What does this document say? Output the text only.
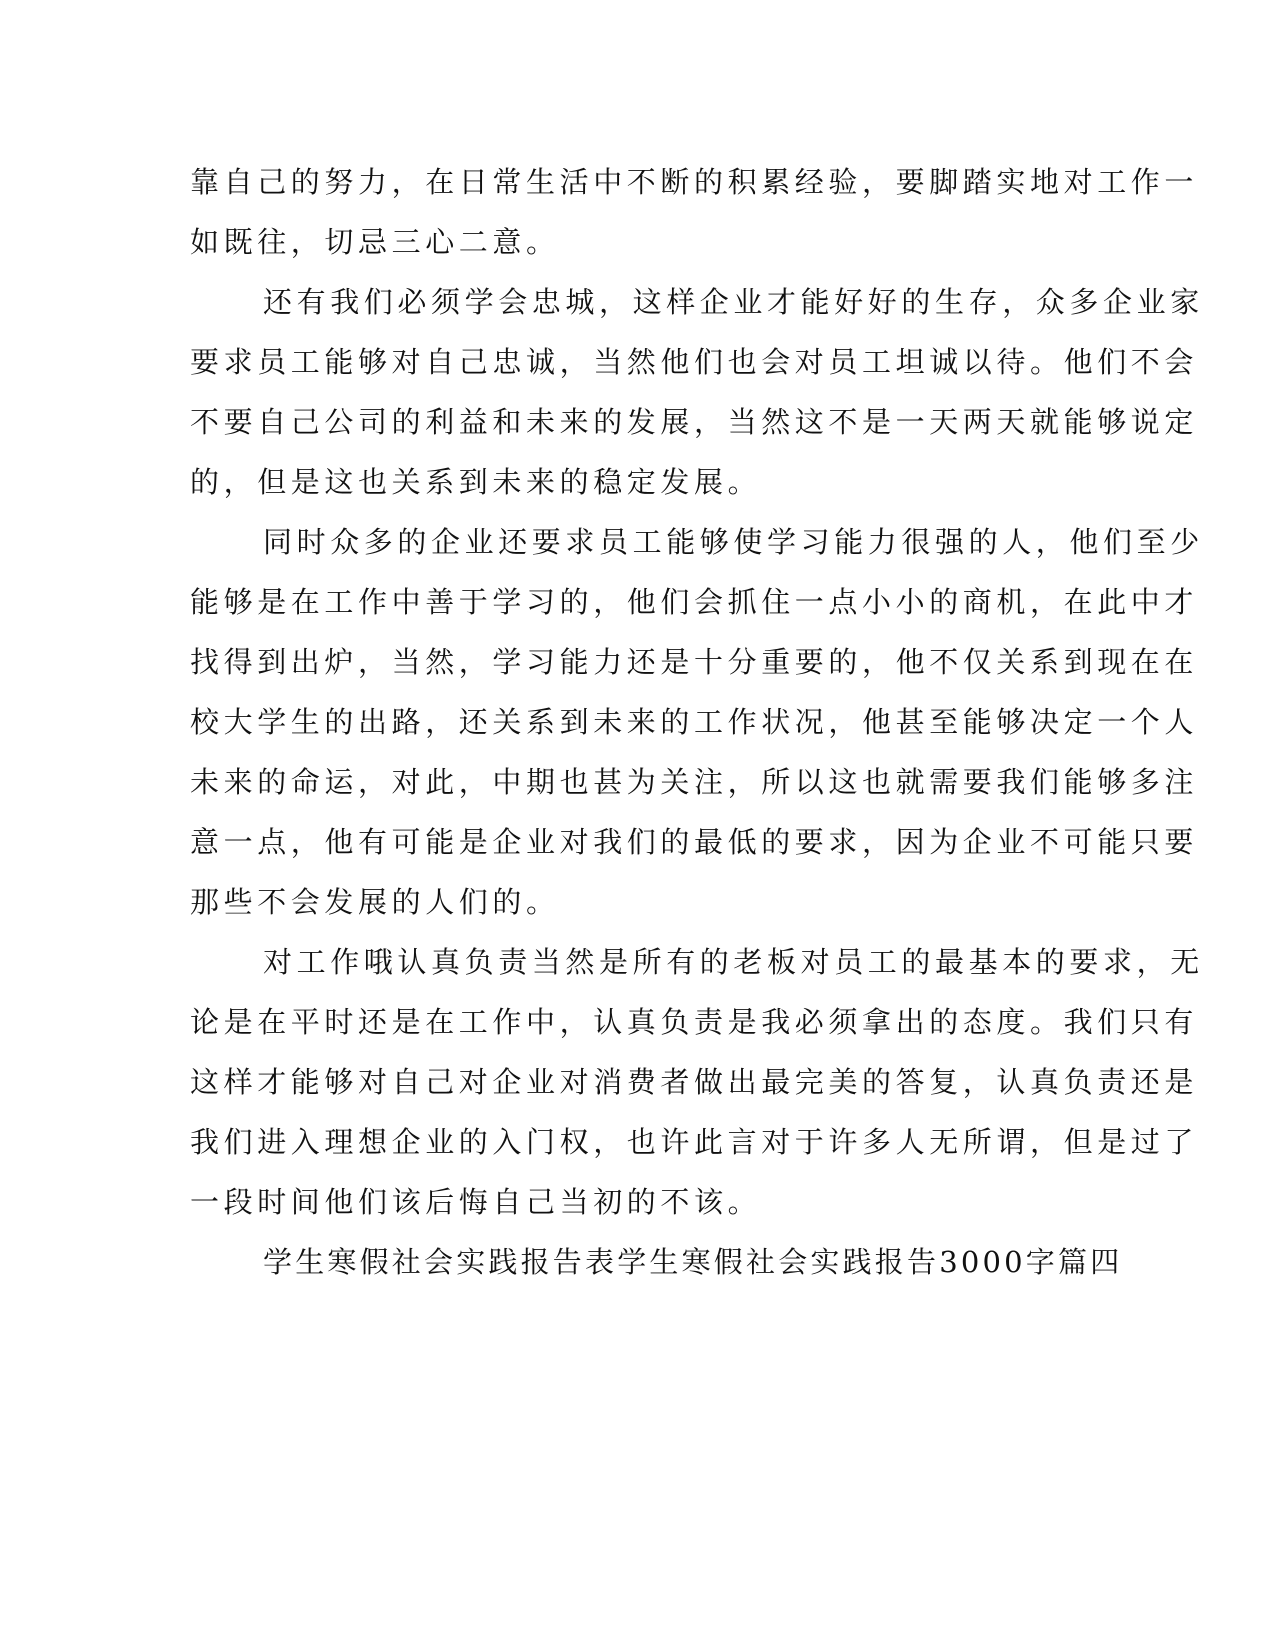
靠自己的努力，在日常生活中不断的积累经验，要脚踏实地对工作一

如既往，切忌三心二意。

还有我们必须学会忠城，这样企业才能好好的生存，众多企业家

要求员工能够对自己忠诚，当然他们也会对员工坦诚以待。他们不会

不要自己公司的利益和未来的发展，当然这不是一天两天就能够说定

的，但是这也关系到未来的稳定发展。

同时众多的企业还要求员工能够使学习能力很强的人，他们至少

能够是在工作中善于学习的，他们会抓住一点小小的商机，在此中才

找得到出炉，当然，学习能力还是十分重要的，他不仅关系到现在在

校大学生的出路，还关系到未来的工作状况，他甚至能够决定一个人

未来的命运，对此，中期也甚为关注，所以这也就需要我们能够多注

意一点，他有可能是企业对我们的最低的要求，因为企业不可能只要

那些不会发展的人们的。

对工作哦认真负责当然是所有的老板对员工的最基本的要求，无

论是在平时还是在工作中，认真负责是我必须拿出的态度。我们只有

这样才能够对自己对企业对消费者做出最完美的答复，认真负责还是

我们进入理想企业的入门权，也许此言对于许多人无所谓，但是过了

一段时间他们该后悔自己当初的不该。

学生寒假社会实践报告表学生寒假社会实践报告3000字篇四
